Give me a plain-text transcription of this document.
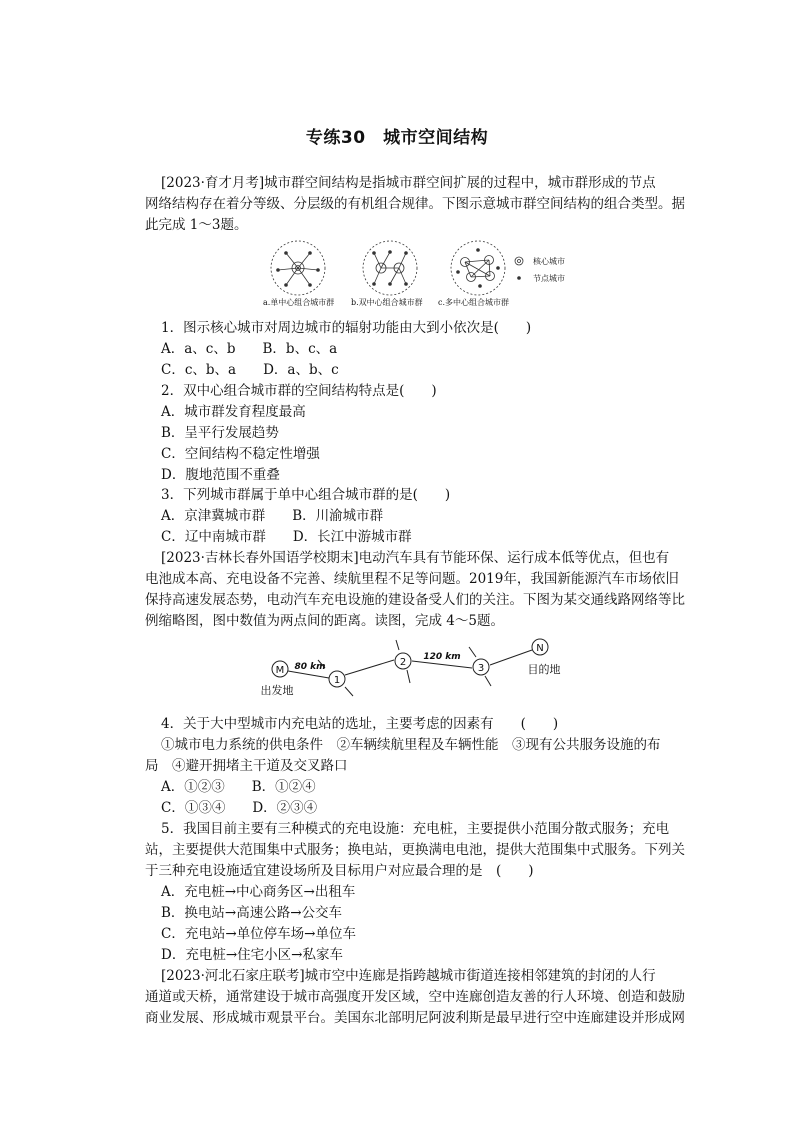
专练30　城市空间结构
[2023·育才月考]城市群空间结构是指城市群空间扩展的过程中，城市群形成的节点
网络结构存在着分等级、分层级的有机组合规律。下图示意城市群空间结构的组合类型。据
此完成 1～3题。
核心城市
节点城市
a.单中心组合城市群 b.双中心组合城市群 c.多中心组合城市群
1．图示核心城市对周边城市的辐射功能由大到小依次是(　　)
A．a、c、b　　B．b、c、a
C．c、b、a　　D．a、b、c
2．双中心组合城市群的空间结构特点是(　　)
A．城市群发育程度最高
B．呈平行发展趋势
C．空间结构不稳定性增强
D．腹地范围不重叠
3．下列城市群属于单中心组合城市群的是(　　)
A．京津冀城市群　　B．川渝城市群
C．辽中南城市群　　D．长江中游城市群
[2023·吉林长春外国语学校期末]电动汽车具有节能环保、运行成本低等优点，但也有
电池成本高、充电设备不完善、续航里程不足等问题。2019年，我国新能源汽车市场依旧
保持高速发展态势，电动汽车充电设施的建设备受人们的关注。下图为某交通线路网络等比
例缩略图，图中数值为两点间的距离。读图，完成 4～5题。
M
1
2
3
N
80 km
120 km
出发地
目的地
4．关于大中型城市内充电站的选址，主要考虑的因素有　　(　　)
①城市电力系统的供电条件　②车辆续航里程及车辆性能　③现有公共服务设施的布
局　④避开拥堵主干道及交叉路口
A．①②③　　B．①②④
C．①③④　　D．②③④
5．我国目前主要有三种模式的充电设施：充电桩，主要提供小范围分散式服务；充电
站，主要提供大范围集中式服务；换电站，更换满电电池，提供大范围集中式服务。下列关
于三种充电设施适宜建设场所及目标用户对应最合理的是　(　　)
A．充电桩→中心商务区→出租车
B．换电站→高速公路→公交车
C．充电站→单位停车场→单位车
D．充电桩→住宅小区→私家车
[2023·河北石家庄联考]城市空中连廊是指跨越城市街道连接相邻建筑的封闭的人行
通道或天桥，通常建设于城市高强度开发区域，空中连廊创造友善的行人环境、创造和鼓励
商业发展、形成城市观景平台。美国东北部明尼阿波利斯是最早进行空中连廊建设并形成网
